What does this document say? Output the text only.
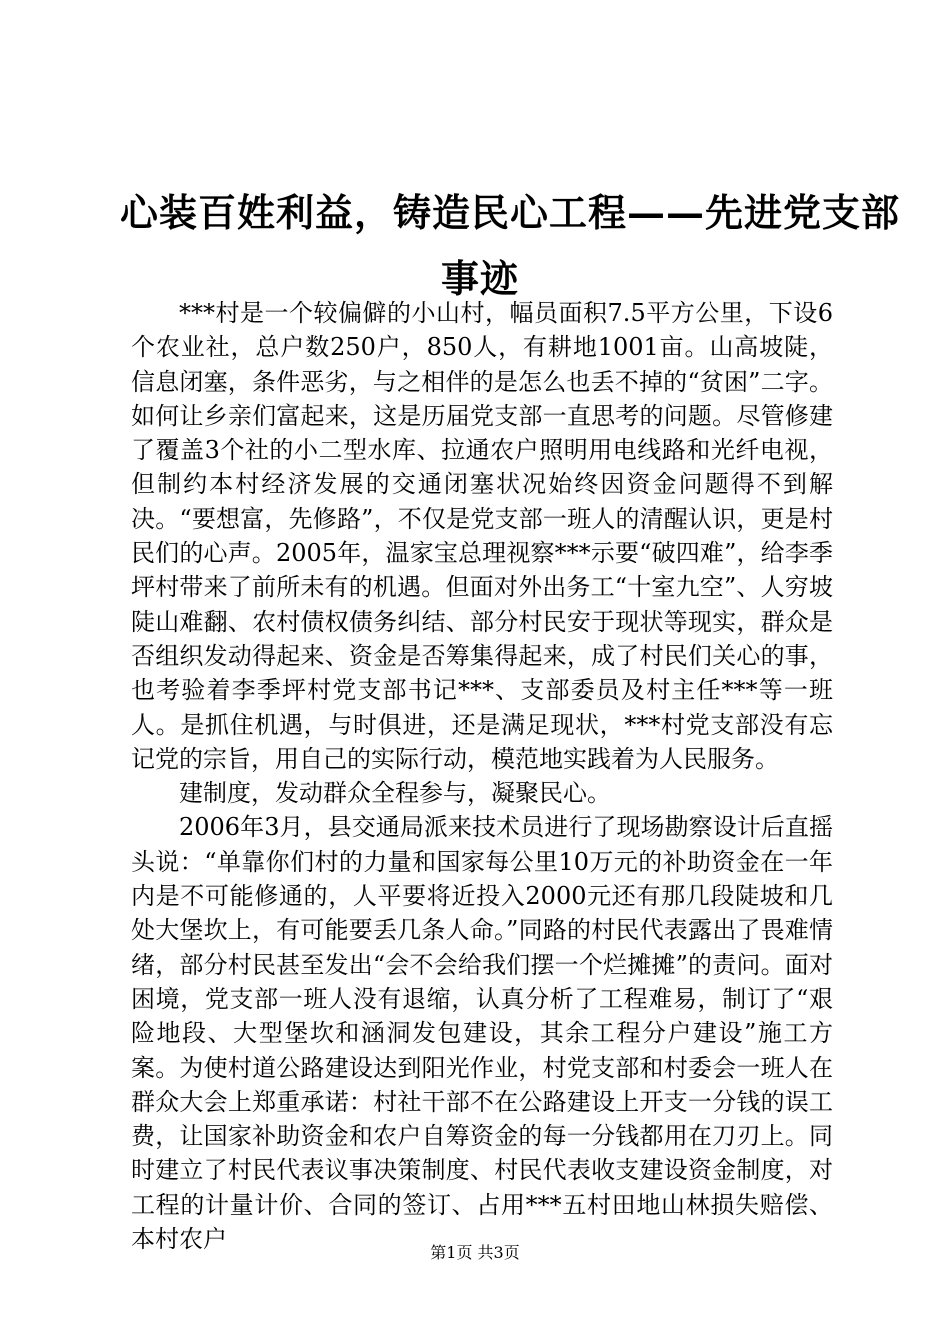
心装百姓利益，铸造民心工程——先进党支部
事迹

***村是一个较偏僻的小山村，幅员面积7.5平方公里，下设6个农业社，总户数250户，850人，有耕地1001亩。山高坡陡，信息闭塞，条件恶劣，与之相伴的是怎么也丢不掉的“贫困”二字。如何让乡亲们富起来，这是历届党支部一直思考的问题。尽管修建了覆盖3个社的小二型水库、拉通农户照明用电线路和光纤电视，但制约本村经济发展的交通闭塞状况始终因资金问题得不到解决。“要想富，先修路”，不仅是党支部一班人的清醒认识，更是村民们的心声。2005年，温家宝总理视察***示要“破四难”，给李季坪村带来了前所未有的机遇。但面对外出务工“十室九空”、人穷坡陡山难翻、农村债权债务纠结、部分村民安于现状等现实，群众是否组织发动得起来、资金是否筹集得起来，成了村民们关心的事，也考验着李季坪村党支部书记***、支部委员及村主任***等一班人。是抓住机遇，与时俱进，还是满足现状，***村党支部没有忘记党的宗旨，用自己的实际行动，模范地实践着为人民服务。

建制度，发动群众全程参与，凝聚民心。

2006年3月，县交通局派来技术员进行了现场勘察设计后直摇头说：“单靠你们村的力量和国家每公里10万元的补助资金在一年内是不可能修通的，人平要将近投入2000元还有那几段陡坡和几处大堡坎上，有可能要丢几条人命。”同路的村民代表露出了畏难情绪，部分村民甚至发出“会不会给我们摆一个烂摊摊”的责问。面对困境，党支部一班人没有退缩，认真分析了工程难易，制订了“艰险地段、大型堡坎和涵洞发包建设，其余工程分户建设”施工方案。为使村道公路建设达到阳光作业，村党支部和村委会一班人在群众大会上郑重承诺：村社干部不在公路建设上开支一分钱的误工费，让国家补助资金和农户自筹资金的每一分钱都用在刀刃上。同时建立了村民代表议事决策制度、村民代表收支建设资金制度，对工程的计量计价、合同的签订、占用***五村田地山林损失赔偿、本村农户	第1页 共3页
